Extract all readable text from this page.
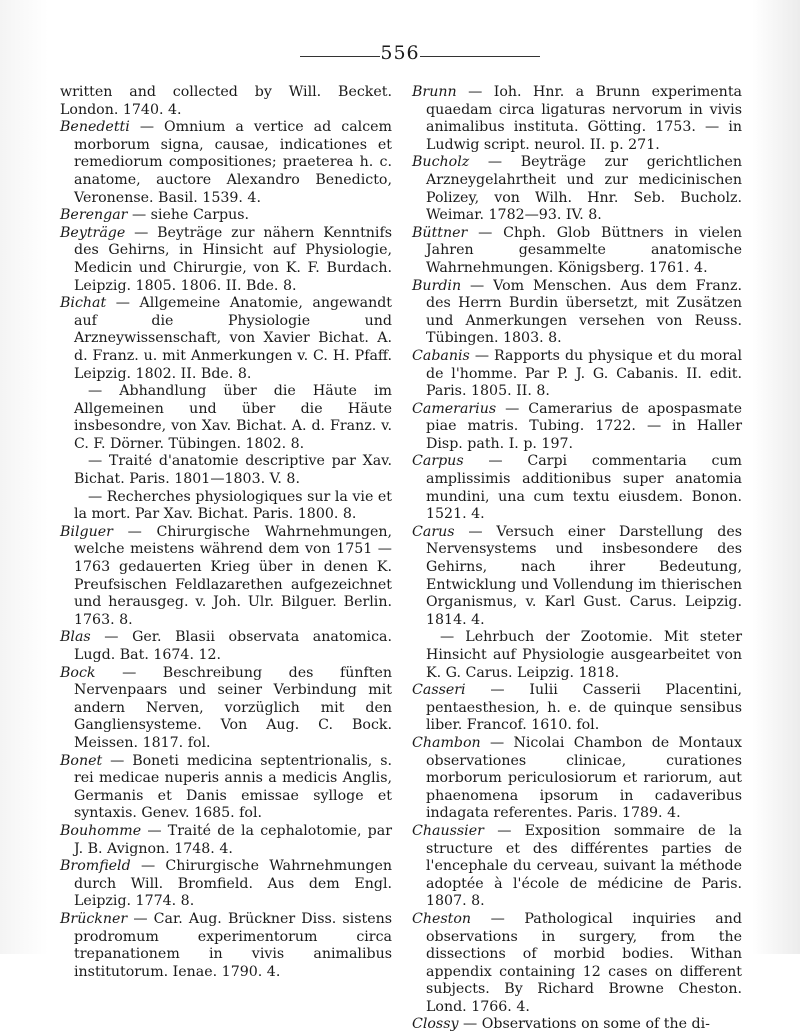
556

written and collected by Will. Becket. London. 1740. 4.

Benedetti — Omnium a vertice ad calcem morborum signa, causae, indicationes et remediorum compositiones; praeterea h. c. anatome, auctore Alexandro Benedicto, Veronense. Basil. 1539. 4.

Berengar — siehe Carpus.

Beyträge — Beyträge zur nähern Kenntnifs des Gehirns, in Hinsicht auf Physiologie, Medicin und Chirurgie, von K. F. Burdach. Leipzig. 1805. 1806. II. Bde. 8.

Bichat — Allgemeine Anatomie, angewandt auf die Physiologie und Arzneywissenschaft, von Xavier Bichat. A. d. Franz. u. mit Anmerkungen v. C. H. Pfaff. Leipzig. 1802. II. Bde. 8.

— Abhandlung über die Häute im Allgemeinen und über die Häute insbesondre, von Xav. Bichat. A. d. Franz. v. C. F. Dörner. Tübingen. 1802. 8.

— Traité d'anatomie descriptive par Xav. Bichat. Paris. 1801—1803. V. 8.

— Recherches physiologiques sur la vie et la mort. Par Xav. Bichat. Paris. 1800. 8.

Bilguer — Chirurgische Wahrnehmungen, welche meistens während dem von 1751 — 1763 gedauerten Krieg über in denen K. Preufsischen Feldlazarethen aufgezeichnet und herausgeg. v. Joh. Ulr. Bilguer. Berlin. 1763. 8.

Blas — Ger. Blasii observata anatomica. Lugd. Bat. 1674. 12.

Bock — Beschreibung des fünften Nervenpaars und seiner Verbindung mit andern Nerven, vorzüglich mit den Gangliensysteme. Von Aug. C. Bock. Meissen. 1817. fol.

Bonet — Boneti medicina septentrionalis, s. rei medicae nuperis annis a medicis Anglis, Germanis et Danis emissae sylloge et syntaxis. Genev. 1685. fol.

Bouhomme — Traité de la cephalotomie, par J. B. Avignon. 1748. 4.

Bromfield — Chirurgische Wahrnehmungen durch Will. Bromfield. Aus dem Engl. Leipzig. 1774. 8.

Brückner — Car. Aug. Brückner Diss. sistens prodromum experimentorum circa trepanationem in vivis animalibus institutorum. Ienae. 1790. 4.

Brunn — Ioh. Hnr. a Brunn experimenta quaedam circa ligaturas nervorum in vivis animalibus instituta. Götting. 1753. — in Ludwig script. neurol. II. p. 271.

Bucholz — Beyträge zur gerichtlichen Arzneygelahrtheit und zur medicinischen Polizey, von Wilh. Hnr. Seb. Bucholz. Weimar. 1782—93. IV. 8.

Büttner — Chph. Glob Büttners in vielen Jahren gesammelte anatomische Wahrnehmungen. Königsberg. 1761. 4.

Burdin — Vom Menschen. Aus dem Franz. des Herrn Burdin übersetzt, mit Zusätzen und Anmerkungen versehen von Reuss. Tübingen. 1803. 8.

Cabanis — Rapports du physique et du moral de l'homme. Par P. J. G. Cabanis. II. edit. Paris. 1805. II. 8.

Camerarius — Camerarius de apospasmate piae matris. Tubing. 1722. — in Haller Disp. path. I. p. 197.

Carpus — Carpi commentaria cum amplissimis additionibus super anatomia mundini, una cum textu eiusdem. Bonon. 1521. 4.

Carus — Versuch einer Darstellung des Nervensystems und insbesondere des Gehirns, nach ihrer Bedeutung, Entwicklung und Vollendung im thierischen Organismus, v. Karl Gust. Carus. Leipzig. 1814. 4.

— Lehrbuch der Zootomie. Mit steter Hinsicht auf Physiologie ausgearbeitet von K. G. Carus. Leipzig. 1818.

Casseri — Iulii Casserii Placentini, pentaesthesion, h. e. de quinque sensibus liber. Francof. 1610. fol.

Chambon — Nicolai Chambon de Montaux observationes clinicae, curationes morborum periculosiorum et rariorum, aut phaenomena ipsorum in cadaveribus indagata referentes. Paris. 1789. 4.

Chaussier — Exposition sommaire de la structure et des différentes parties de l'encephale du cerveau, suivant la méthode adoptée à l'école de médicine de Paris. 1807. 8.

Cheston — Pathological inquiries and observations in surgery, from the dissections of morbid bodies. Withan appendix containing 12 cases on different subjects. By Richard Browne Cheston. Lond. 1766. 4.

Clossy — Observations on some of the di-
